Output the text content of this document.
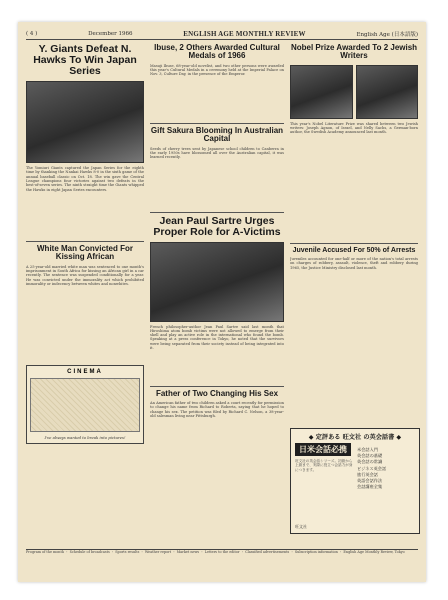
( 4 )	December 1966	ENGLISH AGE MONTHLY REVIEW	English Age (日本語版)
Y. Giants Defeat N. Hawks To Win Japan Series
The Yomiuri Giants captured the Japan Series for the eighth time by thanking the Nankai Hawks 8-0 in the sixth game of the annual baseball classic on Oct. 18. The win gave the Central League champions four victories against two defeats in the best-of-seven series. The ninth straight time the Giants whipped the Hawks in eight Japan Series encounters.
White Man Convicted For Kissing African
A 25-year-old married white man was sentenced to one month's imprisonment in South Africa for kissing an African girl in a car recently. The sentence was suspended conditionally for a year. He was convicted under the immorality act which prohibited immorality or indecency between whites and nonwhites.
CINEMA
I've always wanted to break into pictures!
Ibuse, 2 Others Awarded Cultural Medals of 1966
Masuji Ibuse, 68-year-old novelist, and two other persons were awarded this year's Cultural Medals in a ceremony held at the Imperial Palace on Nov. 3, Culture Day, in the presence of the Emperor.
Gift Sakura Blooming In Australian Capital
Seeds of cherry trees sent by Japanese school children to Canberra in the early 1950s have blossomed all over the Australian capital, it was learned recently.
Jean Paul Sartre Urges Proper Role for A-Victims
French philosopher-author Jean Paul Sartre said last month that Hiroshima atom bomb victims were not allowed to emerge from their shell and play an active role in the international who found the bomb. Speaking at a press conference in Tokyo, he noted that the survivors were being separated from their society instead of being integrated into it.
Father of Two Changing His Sex
An American father of two children asked a court recently for permission to change his name from Richard to Roberta, saying that he hoped to change his sex. The petition was filed by Richard C. Nelson, a 38-year-old salesman living near Pittsburgh.
Nobel Prize Awarded To 2 Jewish Writers
This year's Nobel Literature Prize was shared between two Jewish writers: Joseph Agnon, of Israel, and Nelly Sachs, a German-born author, the Swedish Academy announced last month.
Juvenile Accused For 50% of Arrests
Juveniles accounted for one-half or more of the nation's total arrests on charges of robbery, assault, violence, theft and robbery during 1965, the Justice Ministry disclosed last month.
◆ 定評ある 旺文社 の英会話書 ◆
日米会話必携
旺文社の英会話シリーズ。初級から上級まで、実際に役立つ会話力が身につきます。
米会話入門
英会話の基礎
英会話の常識
ビジネス英会話
旅行英会話
英語会話作法
会話講座全集
旺文社
Program of the month ・ Schedule of broadcasts ・ Sports results ・ Weather report ・ Market news ・ Letters to the editor ・ Classified advertisements ・ Subscription information ・ English Age Monthly Review, Tokyo
